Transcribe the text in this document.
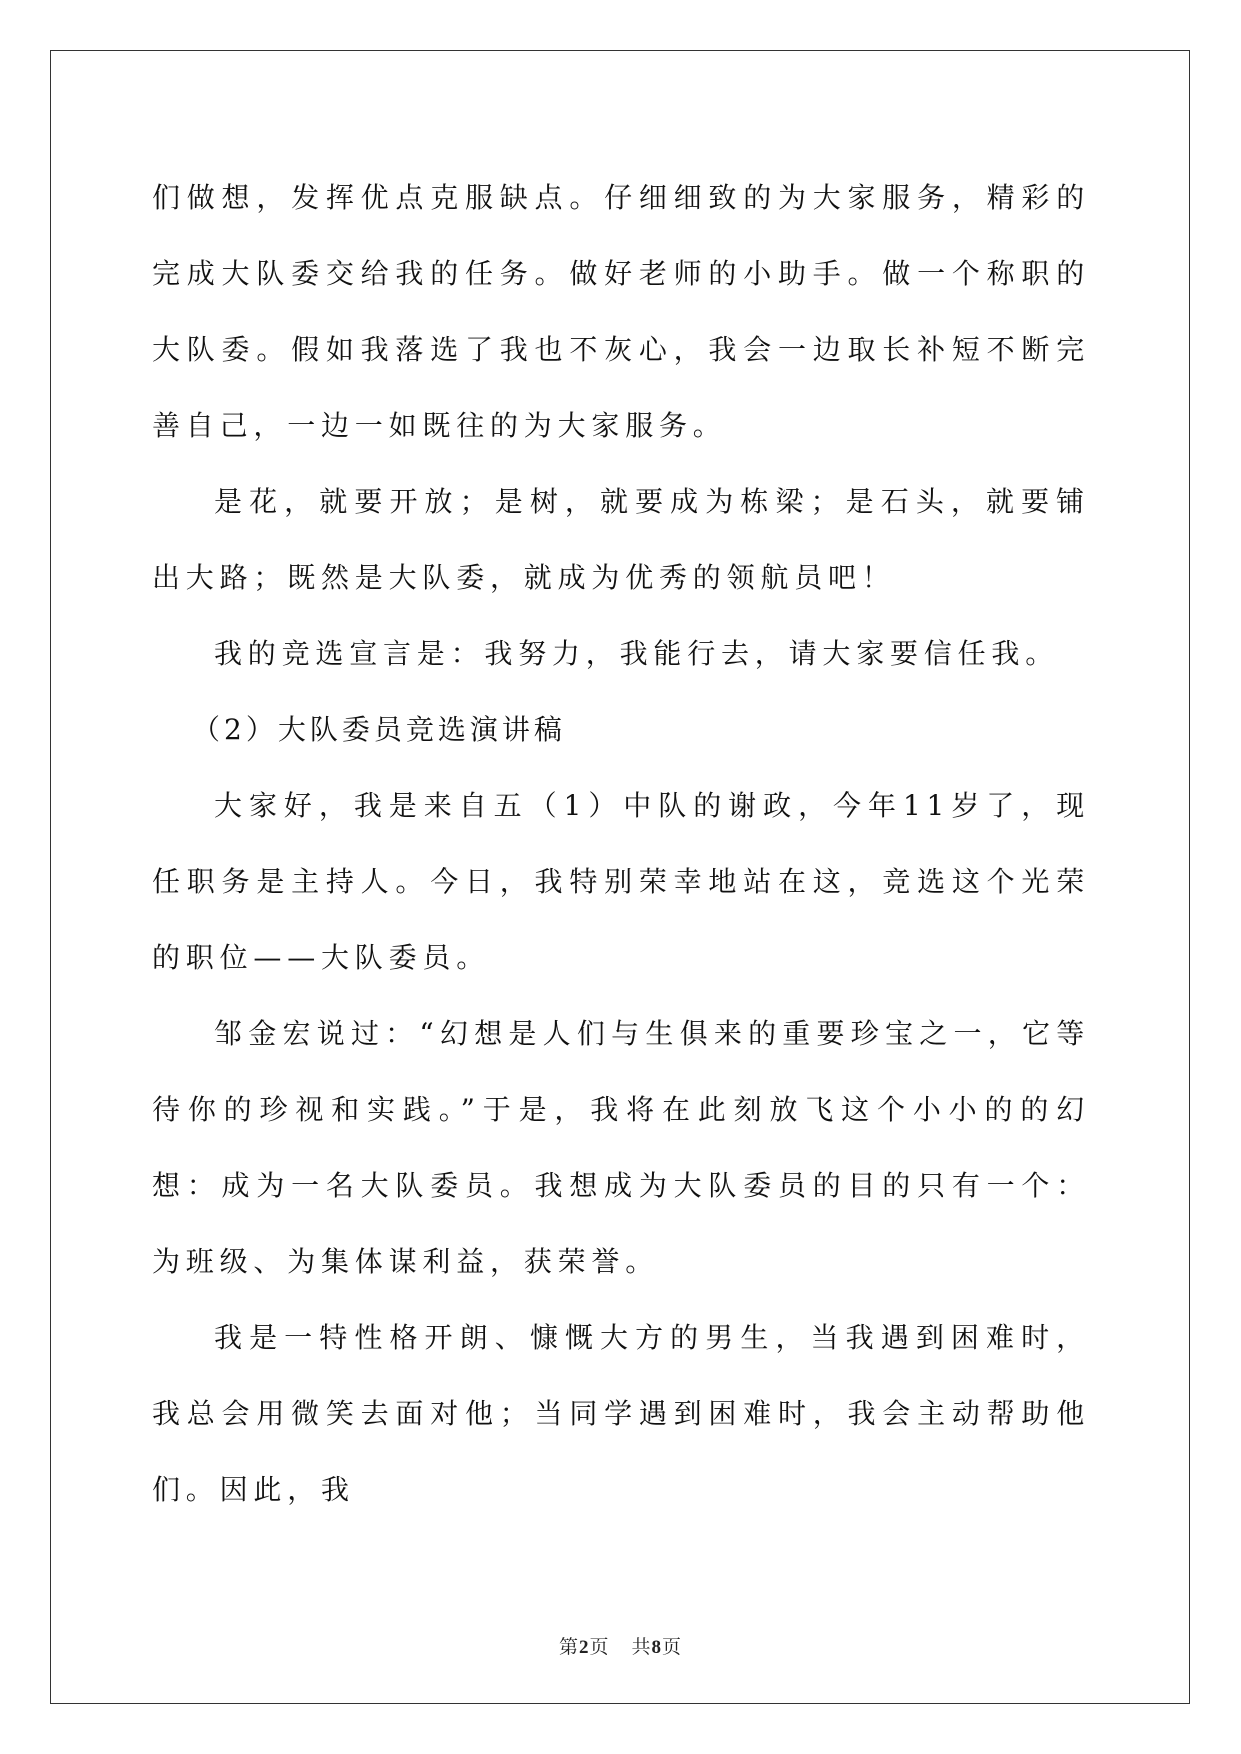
们做想，发挥优点克服缺点。仔细细致的为大家服务，精彩的完成大队委交给我的任务。做好老师的小助手。做一个称职的大队委。假如我落选了我也不灰心，我会一边取长补短不断完善自己，一边一如既往的为大家服务。

是花，就要开放；是树，就要成为栋梁；是石头，就要铺出大路；既然是大队委，就成为优秀的领航员吧！

我的竞选宣言是：我努力，我能行去，请大家要信任我。

（2）大队委员竞选演讲稿

大家好，我是来自五（1）中队的谢政，今年11岁了，现任职务是主持人。今日，我特别荣幸地站在这，竞选这个光荣的职位——大队委员。

邹金宏说过：“幻想是人们与生俱来的重要珍宝之一，它等待你的珍视和实践。”于是，我将在此刻放飞这个小小的的幻想：成为一名大队委员。我想成为大队委员的目的只有一个：为班级、为集体谋利益，获荣誉。

我是一特性格开朗、慷慨大方的男生，当我遇到困难时，我总会用微笑去面对他；当同学遇到困难时，我会主动帮助他们。因此，我

第2页 共8页
